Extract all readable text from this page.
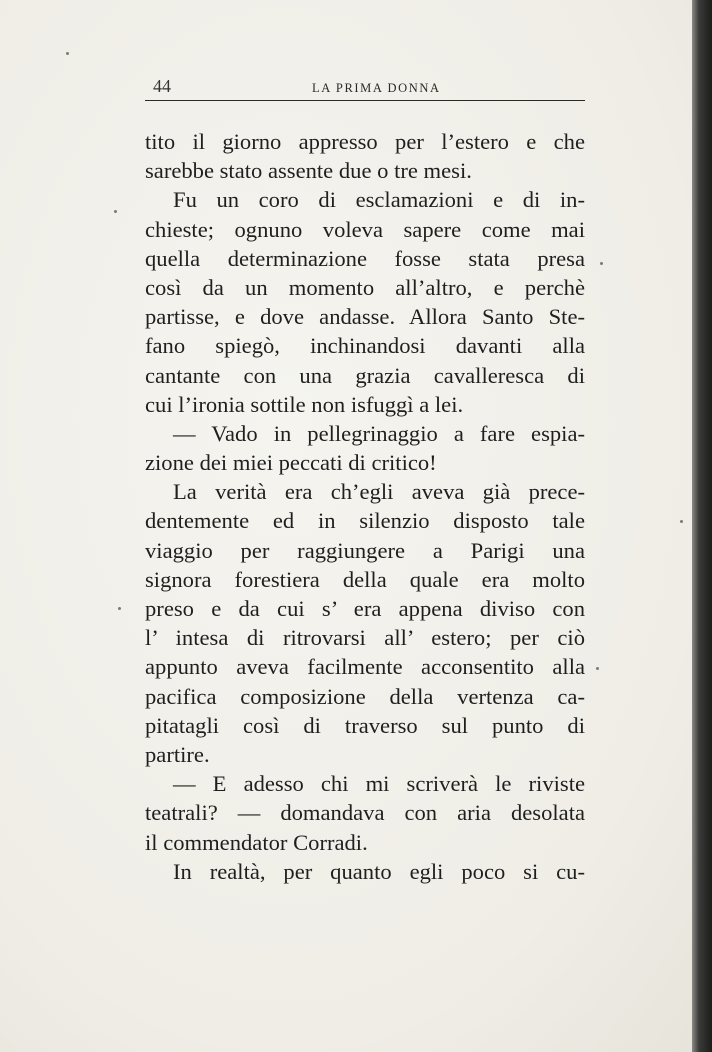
44	LA PRIMA DONNA
tito il giorno appresso per l’estero e che
sarebbe stato assente due o tre mesi.
Fu un coro di esclamazioni e di in-
chieste; ognuno voleva sapere come mai
quella determinazione fosse stata presa
così da un momento all’altro, e perchè
partisse, e dove andasse. Allora Santo Ste-
fano spiegò, inchinandosi davanti alla
cantante con una grazia cavalleresca di
cui l’ironia sottile non isfuggì a lei.
— Vado in pellegrinaggio a fare espia-
zione dei miei peccati di critico!
La verità era ch’egli aveva già prece-
dentemente ed in silenzio disposto tale
viaggio per raggiungere a Parigi una
signora forestiera della quale era molto
preso e da cui s’ era appena diviso con
l’ intesa di ritrovarsi all’ estero; per ciò
appunto aveva facilmente acconsentito alla
pacifica composizione della vertenza ca-
pitatagli così di traverso sul punto di
partire.
— E adesso chi mi scriverà le riviste
teatrali? — domandava con aria desolata
il commendator Corradi.
In realtà, per quanto egli poco si cu-
